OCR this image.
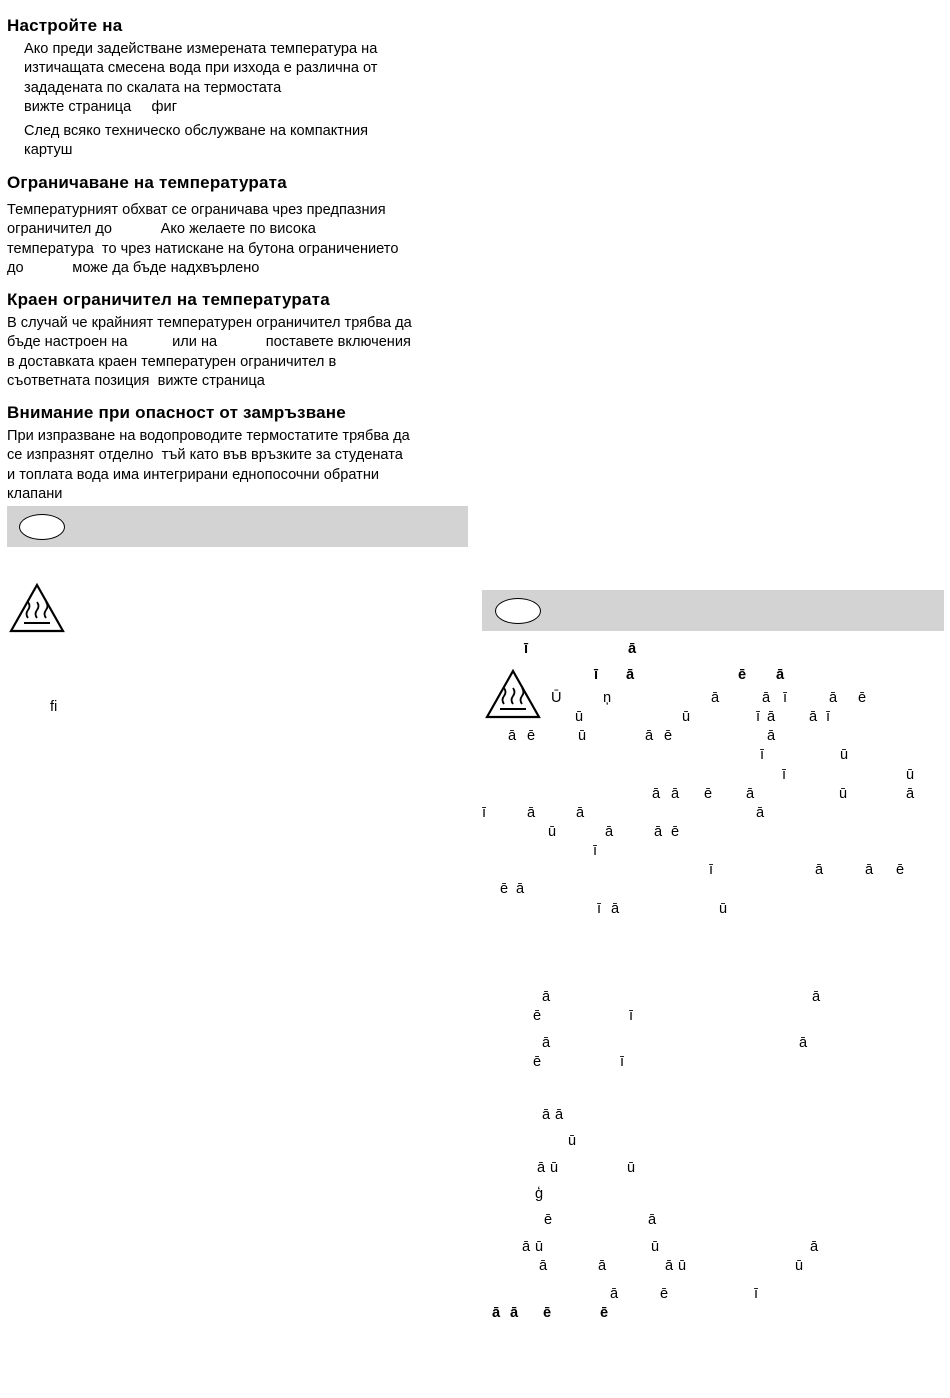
Настройте на
Ако преди задействане измерената температура на
изтичащата смесена вода при изхода е различна от
зададената по скалата на термостата
вижте страница     фиг
След всяко техническо обслужване на компактния
картуш
Ограничаване на температурата
Температурният обхват се ограничава чрез предпазния
ограничител до            Ако желаете по висока
температура  то чрез натискане на бутона ограничението
до            може да бъде надхвърлено
Краен ограничител на температурата
В случай че крайният температурен ограничител трябва да
бъде настроен на           или на            поставете включения
в доставката краен температурен ограничител в
съответната позиция  вижте страница
Внимание при опасност от замръзване
При изпразване на водопроводите термостатите трябва да
се изпразнят отделно  тъй като във връзките за студената
и топлата вода има интегрирани еднопосочни обратни
клапани
ﬁ
ī	ā
ī ā	ē ā
Ū	ņ	ā	ā ī	ā ē
ū	ū	ī ā ā ī
ā ē	ū	ā ē	ā
ī	ū
ī	ū
ā ā ē ā	ū	ā
ī	ā	ā	ā
ū	ā	ā ē
ī
ī	ā	ā ē
ē ā
ī ā	ū
ā	ā
ē	ī
ā	ā
ē	ī
ā ā
ū
ā ū	ū
ģ
ē	ā
ā ū	ū	ā
ā	ā	ā ū	ū
ā	ē	ī
ā ā ē	ē
